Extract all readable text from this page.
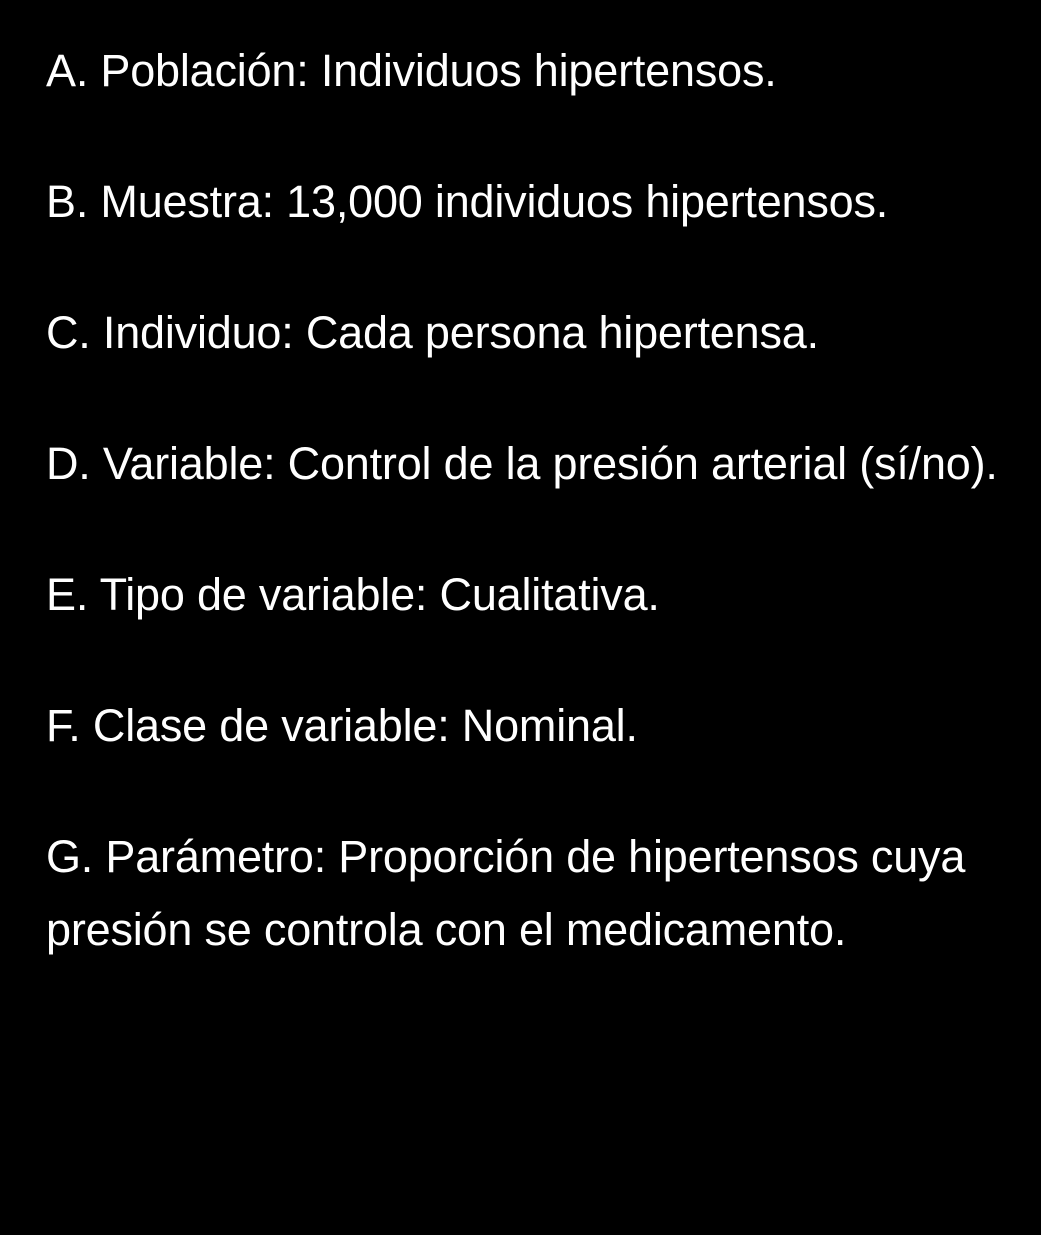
A. Población: Individuos hipertensos.

B. Muestra: 13,000 individuos hipertensos.

C. Individuo: Cada persona hipertensa.

D. Variable: Control de la presión arterial (sí/no).

E. Tipo de variable: Cualitativa.

F. Clase de variable: Nominal.

G. Parámetro: Proporción de hipertensos cuya presión se controla con el medicamento.
